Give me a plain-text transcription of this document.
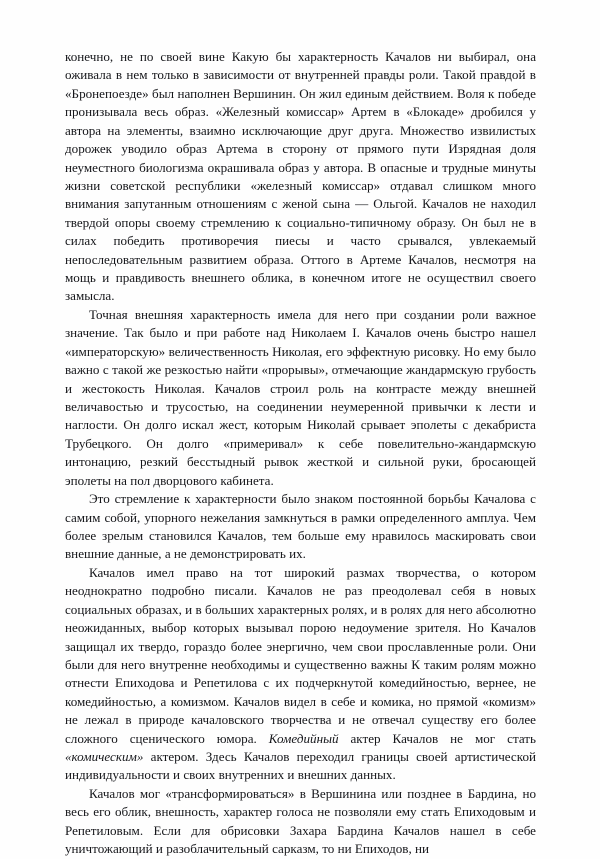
конечно, не по своей вине Какую бы характерность Качалов ни выбирал, она оживала в нем только в зависимости от внутренней правды роли. Такой правдой в «Бронепоезде» был наполнен Вершинин. Он жил единым действием. Воля к победе пронизывала весь образ. «Железный комиссар» Артем в «Блокаде» дробился у автора на элементы, взаимно исключающие друг друга. Множество извилистых дорожек уводило образ Артема в сторону от прямого пути Изрядная доля неуместного биологизма окрашивала образ у автора. В опасные и трудные минуты жизни советской республики «железный комиссар» отдавал слишком много внимания запутанным отношениям с женой сына — Ольгой. Качалов не находил твердой опоры своему стремлению к социально-типичному образу. Он был не в силах победить противоречия пиесы и часто срывался, увлекаемый непоследовательным развитием образа. Оттого в Артеме Качалов, несмотря на мощь и правдивость внешнего облика, в конечном итоге не осуществил своего замысла.

Точная внешняя характерность имела для него при создании роли важное значение. Так было и при работе над Николаем I. Качалов очень быстро нашел «императорскую» величественность Николая, его эффектную рисовку. Но ему было важно с такой же резкостью найти «прорывы», отмечающие жандармскую грубость и жестокость Николая. Качалов строил роль на контрасте между внешней величавостью и трусостью, на соединении неумеренной привычки к лести и наглости. Он долго искал жест, которым Николай срывает эполеты с декабриста Трубецкого. Он долго «примеривал» к себе повелительно-жандармскую интонацию, резкий бесстыдный рывок жесткой и сильной руки, бросающей эполеты на пол дворцового кабинета.

Это стремление к характерности было знаком постоянной борьбы Качалова с самим собой, упорного нежелания замкнуться в рамки определенного амплуа. Чем более зрелым становился Качалов, тем больше ему нравилось маскировать свои внешние данные, а не демонстрировать их.

Качалов имел право на тот широкий размах творчества, о котором неоднократно подробно писали. Качалов не раз преодолевал себя в новых социальных образах, и в больших характерных ролях, и в ролях для него абсолютно неожиданных, выбор которых вызывал порою недоумение зрителя. Но Качалов защищал их твердо, гораздо более энергично, чем свои прославленные роли. Они были для него внутренне необходимы и существенно важны К таким ролям можно отнести Епиходова и Репетилова с их подчеркнутой комедийностью, вернее, не комедийностью, а комизмом. Качалов видел в себе и комика, но прямой «комизм» не лежал в природе качаловского творчества и не отвечал существу его более сложного сценического юмора. Комедийный актер Качалов не мог стать «комическим» актером. Здесь Качалов переходил границы своей артистической индивидуальности и своих внутренних и внешних данных.

Качалов мог «трансформироваться» в Вершинина или позднее в Бардина, но весь его облик, внешность, характер голоса не позволяли ему стать Епиходовым и Репетиловым. Если для обрисовки Захара Бардина Качалов нашел в себе уничтожающий и разоблачительный сарказм, то ни Епиходов, ни
